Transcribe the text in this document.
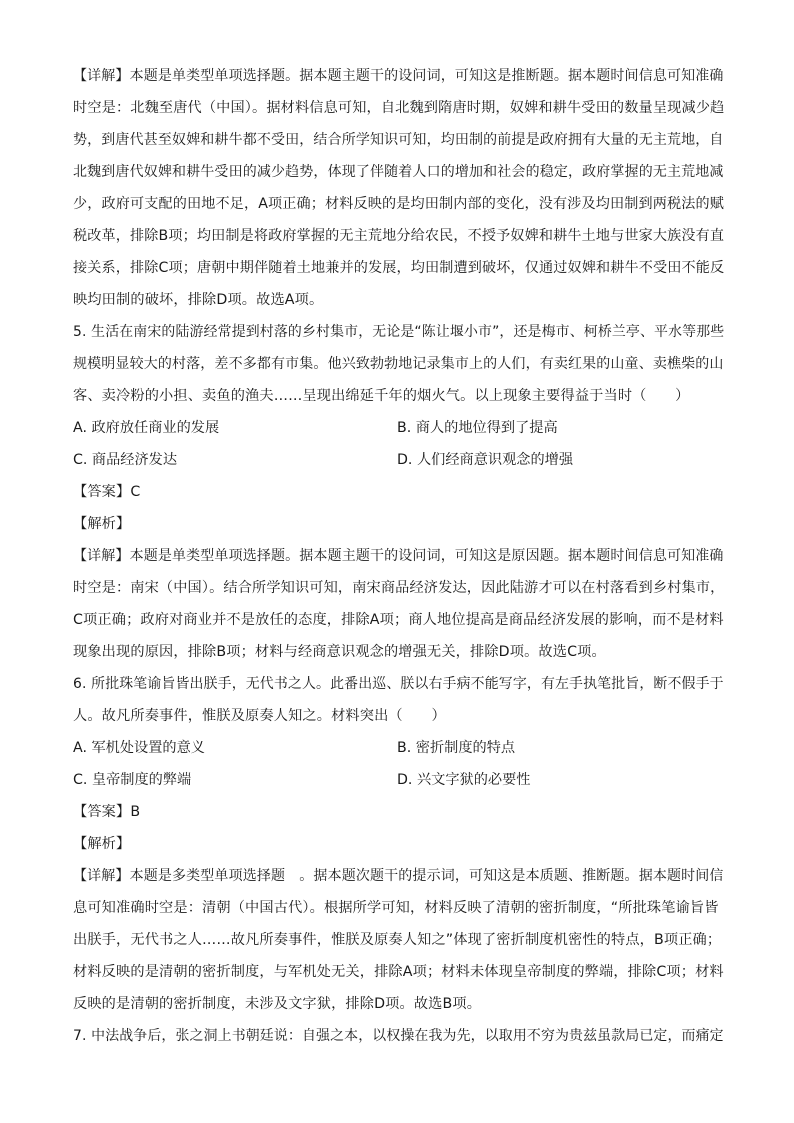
【详解】本题是单类型单项选择题。据本题主题干的设问词，可知这是推断题。据本题时间信息可知准确
时空是：北魏至唐代（中国）。据材料信息可知，自北魏到隋唐时期，奴婢和耕牛受田的数量呈现减少趋
势，到唐代甚至奴婢和耕牛都不受田，结合所学知识可知，均田制的前提是政府拥有大量的无主荒地，自
北魏到唐代奴婢和耕牛受田的减少趋势，体现了伴随着人口的增加和社会的稳定，政府掌握的无主荒地减
少，政府可支配的田地不足，A项正确；材料反映的是均田制内部的变化，没有涉及均田制到两税法的赋
税改革，排除B项；均田制是将政府掌握的无主荒地分给农民，不授予奴婢和耕牛土地与世家大族没有直
接关系，排除C项；唐朝中期伴随着土地兼并的发展，均田制遭到破坏，仅通过奴婢和耕牛不受田不能反
映均田制的破坏，排除D项。故选A项。
5. 生活在南宋的陆游经常提到村落的乡村集市，无论是“陈让堰小市”，还是梅市、柯桥兰亭、平水等那些
规模明显较大的村落，差不多都有市集。他兴致勃勃地记录集市上的人们，有卖红果的山童、卖樵柴的山
客、卖冷粉的小担、卖鱼的渔夫……呈现出绵延千年的烟火气。以上现象主要得益于当时（　　）
A. 政府放任商业的发展	B. 商人的地位得到了提高
C. 商品经济发达	D. 人们经商意识观念的增强
【答案】C
【解析】
【详解】本题是单类型单项选择题。据本题主题干的设问词，可知这是原因题。据本题时间信息可知准确
时空是：南宋（中国）。结合所学知识可知，南宋商品经济发达，因此陆游才可以在村落看到乡村集市，
C项正确；政府对商业并不是放任的态度，排除A项；商人地位提高是商品经济发展的影响，而不是材料
现象出现的原因，排除B项；材料与经商意识观念的增强无关，排除D项。故选C项。
6. 所批珠笔谕旨皆出朕手，无代书之人。此番出巡、朕以右手病不能写字，有左手执笔批旨，断不假手于
人。故凡所奏事件，惟朕及原奏人知之。材料突出（　　）
A. 军机处设置的意义	B. 密折制度的特点
C. 皇帝制度的弊端	D. 兴文字狱的必要性
【答案】B
【解析】
【详解】本题是多类型单项选择题　。据本题次题干的提示词，可知这是本质题、推断题。据本题时间信
息可知准确时空是：清朝（中国古代）。根据所学可知，材料反映了清朝的密折制度，“所批珠笔谕旨皆
出朕手，无代书之人……故凡所奏事件，惟朕及原奏人知之”体现了密折制度机密性的特点，B项正确；
材料反映的是清朝的密折制度，与军机处无关，排除A项；材料未体现皇帝制度的弊端，排除C项；材料
反映的是清朝的密折制度，未涉及文字狱，排除D项。故选B项。
7. 中法战争后，张之洞上书朝廷说：自强之本，以权操在我为先，以取用不穷为贵兹虽款局已定，而痛定
